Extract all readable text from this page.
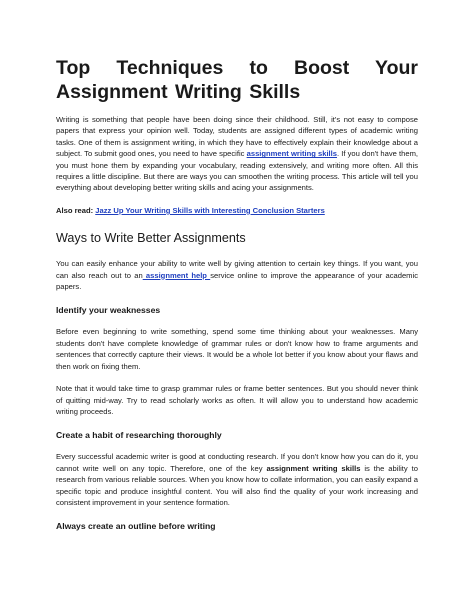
Top Techniques to Boost Your Assignment Writing Skills

Writing is something that people have been doing since their childhood. Still, it's not easy to compose papers that express your opinion well. Today, students are assigned different types of academic writing tasks. One of them is assignment writing, in which they have to effectively explain their knowledge about a subject. To submit good ones, you need to have specific assignment writing skills. If you don't have them, you must hone them by expanding your vocabulary, reading extensively, and writing more often. All this requires a little discipline. But there are ways you can smoothen the writing process. This article will tell you everything about developing better writing skills and acing your assignments.

Also read: Jazz Up Your Writing Skills with Interesting Conclusion Starters

Ways to Write Better Assignments

You can easily enhance your ability to write well by giving attention to certain key things. If you want, you can also reach out to an assignment help service online to improve the appearance of your academic papers.

Identify your weaknesses

Before even beginning to write something, spend some time thinking about your weaknesses. Many students don't have complete knowledge of grammar rules or don't know how to frame arguments and sentences that correctly capture their views. It would be a whole lot better if you know about your flaws and then work on fixing them.

Note that it would take time to grasp grammar rules or frame better sentences. But you should never think of quitting mid-way. Try to read scholarly works as often. It will allow you to understand how academic writing proceeds.

Create a habit of researching thoroughly

Every successful academic writer is good at conducting research. If you don't know how you can do it, you cannot write well on any topic. Therefore, one of the key assignment writing skills is the ability to research from various reliable sources. When you know how to collate information, you can easily expand a specific topic and produce insightful content. You will also find the quality of your work increasing and consistent improvement in your sentence formation.

Always create an outline before writing
